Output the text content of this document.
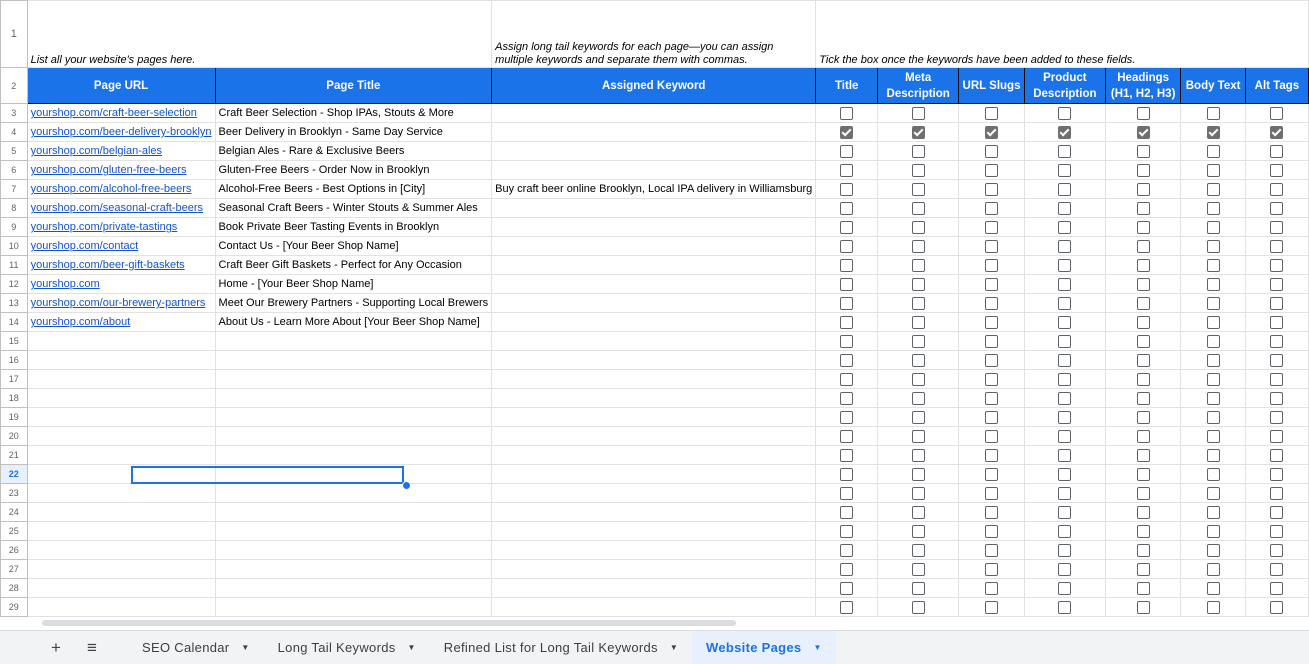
1	List all your website's pages here.		Assign long tail keywords for each page—you can assign multiple keywords and separate them with commas.	Tick the box once the keywords have been added to these fields.						
2	Page URL	Page Title	Assigned Keyword	Title	Meta Description	URL Slugs	Product Description	Headings (H1, H2, H3)	Body Text	Alt Tags
3	yourshop.com/craft-beer-selection	Craft Beer Selection - Shop IPAs, Stouts & More								
4	yourshop.com/beer-delivery-brooklyn	Beer Delivery in Brooklyn - Same Day Service								
5	yourshop.com/belgian-ales	Belgian Ales - Rare & Exclusive Beers								
6	yourshop.com/gluten-free-beers	Gluten-Free Beers - Order Now in Brooklyn								
7	yourshop.com/alcohol-free-beers	Alcohol-Free Beers - Best Options in [City]	Buy craft beer online Brooklyn, Local IPA delivery in Williamsburg							
8	yourshop.com/seasonal-craft-beers	Seasonal Craft Beers - Winter Stouts & Summer Ales								
9	yourshop.com/private-tastings	Book Private Beer Tasting Events in Brooklyn								
10	yourshop.com/contact	Contact Us - [Your Beer Shop Name]								
11	yourshop.com/beer-gift-baskets	Craft Beer Gift Baskets - Perfect for Any Occasion								
12	yourshop.com	Home - [Your Beer Shop Name]								
13	yourshop.com/our-brewery-partners	Meet Our Brewery Partners - Supporting Local Brewers								
14	yourshop.com/about	About Us - Learn More About [Your Beer Shop Name]								
15										
16										
17										
18										
19										
20										
21										
22										
23										
24										
25										
26										
27										
28										
29										
+ ≡	SEO Calendar ▼ Long Tail Keywords ▼ Refined List for Long Tail Keywords ▼ Website Pages ▼
